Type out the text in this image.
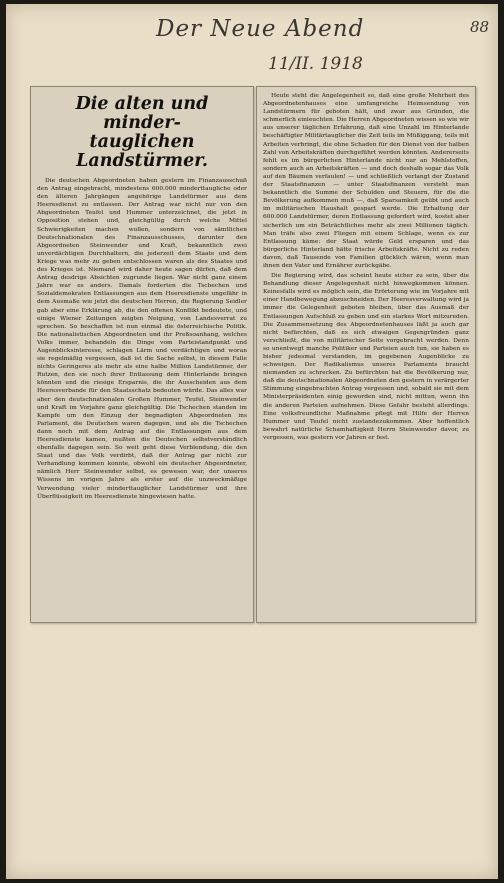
Der Neue Abend
11/II. 1918
88
Die alten und minder-
tauglichen Landstürmer.

Die deutschen Abgeordneten haben gestern im Finanzausschuß den Antrag eingebracht, mindestens 600.000 minderttaugliche oder den älteren Jahrgängen angehörige Landstürmer aus dem Heeresdienst zu entlassen. Der Antrag war nicht nur von den Abgeordneten Teufel und Hummer unterzeichnet, die jetzt in Opposition stehen und, gleichgültig durch welche Mittel Schwierigkeiten machen wollen, sondern von sämtlichen Deutschnationalen des Finanzausschusses, darunter den Abgeordneten Steinwender und Kraft, bekanntlich zwei unverdächtigen Durchhaltern, die jederzeit dem Staate und dem Kriege was mehr zu geben entschlossen waren als des Staates und des Krieges ist. Niemand wird daher heute sagen dürfen, daß dem Antrag desdrige Absichten zugrunde liegen. War nicht ganz einem Jahre war es anders. Damals forderten die Tschechen und Sozialdemokraten Entlassungen aus dem Heeresdienste ungefähr in dem Ausmaße wie jetzt die deutschen Herren, die Regierung Seidler gab aber eine Erklärung ab, die den offenen Konflikt bedeutete, und einige Wiener Zeitungen zeigten Neigung, von Landesverrat zu sprechen. So beschaffen ist nun einmal die österreichische Politik. Die nationalistischen Abgeordneten und ihr Preßsoanhang, welches Volks immer, behandeln die Dinge vom Parteistandpunkt und Augenblicksinteresse, schlagen Lärm und verdächtigen und woran sie regelmäßig vergessen, daß ist die Sache selbst, in diesem Falle nichts Geringeres als mehr als eine halbe Million Landstürmer, der Rutzen, den sie noch ihrer Entlassung dem Hinterlande bringen könnten und die riesige Ersparnis, die ihr Ausscheiden aus dem Heeresverbande für den Staatsschatz bedeuten würde. Das alles war aber den deutschnationalen Großen Hummer, Teufel, Steinwender und Kraft im Vorjahre ganz gleichgültig. Die Tschechen standen im Kampfe um den Einzug der begnadigten Abgeordneten ins Parlament, die Deutschen waren dagegen, und als die Tschechen dann noch mit dem Antrag auf die Entlassungen aus dem Heeresdienste kamen, mußten die Deutschen selbstverständlich ebenfalls dagegen sein. So weit geht diese Verblendung, die den Staat und das Volk verdirbt, daß der Antrag gar nicht zur Verhandlung kommen konnte, obwohl ein deutscher Abgeordneter, nämlich Herr Steinwender selbst, es gewesen war, der unseres Wissens im vorigen Jahre als erster auf die unzweckmäßige Verwendung vieler minderttauglicher Landstürmer und ihre Überflüssigkeit im Heeresdienste hingewiesen hatte.

Heute steht die Angelegenheit so, daß eine große Mehrheit des Abgeordnetenhauses eine umfangreiche Heimsendung von Landstürmern für geboten hält, und zwar aus Gründen, die schmerlich einleuchten. Die Herren Abgeordneten wissen so wie wir aus unserer täglichen Erfahrung, daß eine Unzahl im Hinterlande beschäftigter Militärtauglicher die Zeit teils im Müßiggang, teils mit Arbeiten verbringt, die ohne Schaden für den Dienst von der halben Zahl von Arbeitskräften durchgeführt werden könnten. Andererseits fehlt es im bürgerlichen Hinterlande nicht nur an Mehlstoffen, sondern auch an Arbeitskräften — und doch deshalb sogar das Volk auf den Bäumen verfaulen! — und schließlich verlangt der Zustand der Staatsfinanzen — unter Staatsfinanzen versteht man bekanntlich die Summe der Schulden und Steuern, für die die Bevölkerung aufkommen muß —, daß Sparsamkeit geübt und auch im militärischen Haushalt gespart werde. Die Erhaltung der 600.000 Landstürmer, deren Entlassung gefordert wird, kostet aber sicherlich um ein Beträchtliches mehr als zwei Millionen täglich. Man träfe also zwei Fliegen mit einem Schlage, wenn es zur Entlassung käme: der Staat würde Geld ersparen und das bürgerliche Hinterland hätte frische Arbeitskräfte. Nicht zu reden davon, daß Tausende von Familien glücklich wären, wenn man ihnen den Vater und Ernährer zurückgäbe.

Die Regierung wird, das scheint heute sicher zu sein, über die Behandlung dieser Angelegenheit nicht hinwegkommen können. Keinesfalls wird es möglich sein, die Erörterung wie im Vorjahre mit einer Handbewegung abzuschneiden. Der Heeresverwaltung wird ja immer die Gelegenheit geboten bleiben, über das Ausmaß der Entlassungen Aufschluß zu geben und ein starkes Wort mitzureden. Die Zusammensetzung des Abgeordnetenhauses läßt ja auch gar nicht befürchten, daß es sich etwaigen Gegengründen ganz verschließt, die von militärischer Seite vorgebracht werden. Denn so unentwegt manche Politiker und Parteien auch tun, sie haben es bisher jedesmal verstanden, im gegebenen Augenblicke zu schweigen. Der Radikalismus unseres Parlaments braucht niemanden zu schrecken. Zu befürchten hat die Bevölkerung nur, daß die deutschnationalen Abgeordneten den gestern in verärgerter Stimmung eingebrachten Antrag vergessen und, sobald sie mit dem Ministerpräsidenten einig geworden sind, nicht mittun, wenn ihn die anderen Parteien aufnehmen. Diese Gefahr besteht allerdings. Eine volksfreundliche Maßnahme pflegt mit Hilfe der Herren Hummer und Teufel nicht zustandezukommen. Aber hoffentlich bewahrt natürliche Schamhaftigkeit Herrn Steinwender davor, zu vergessen, was gestern vor Jahren er fest.
